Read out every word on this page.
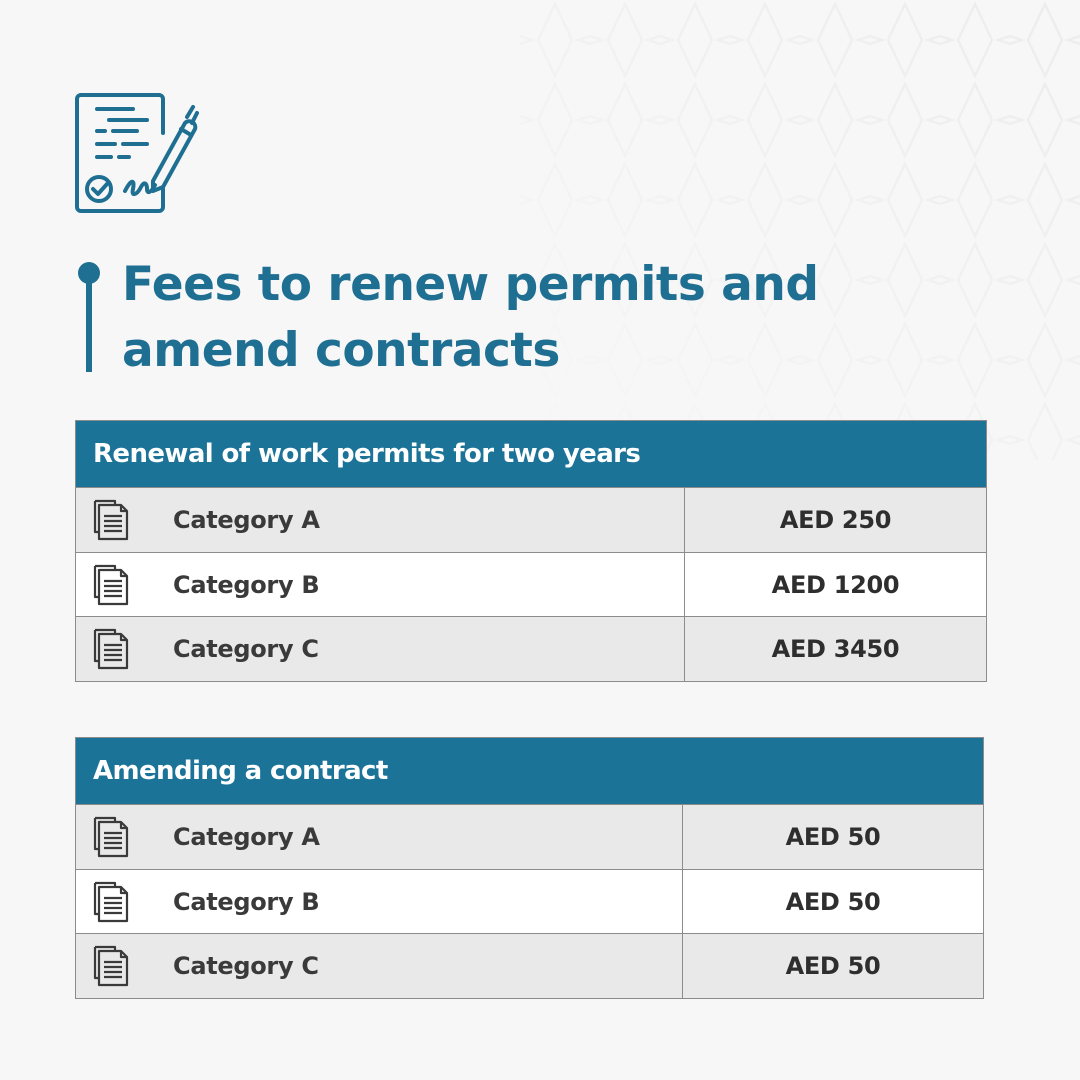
Fees to renew permits and amend contracts
Renewal of work permits for two years
Category A	AED 250
Category B	AED 1200
Category C	AED 3450
Amending a contract
Category A	AED 50
Category B	AED 50
Category C	AED 50
